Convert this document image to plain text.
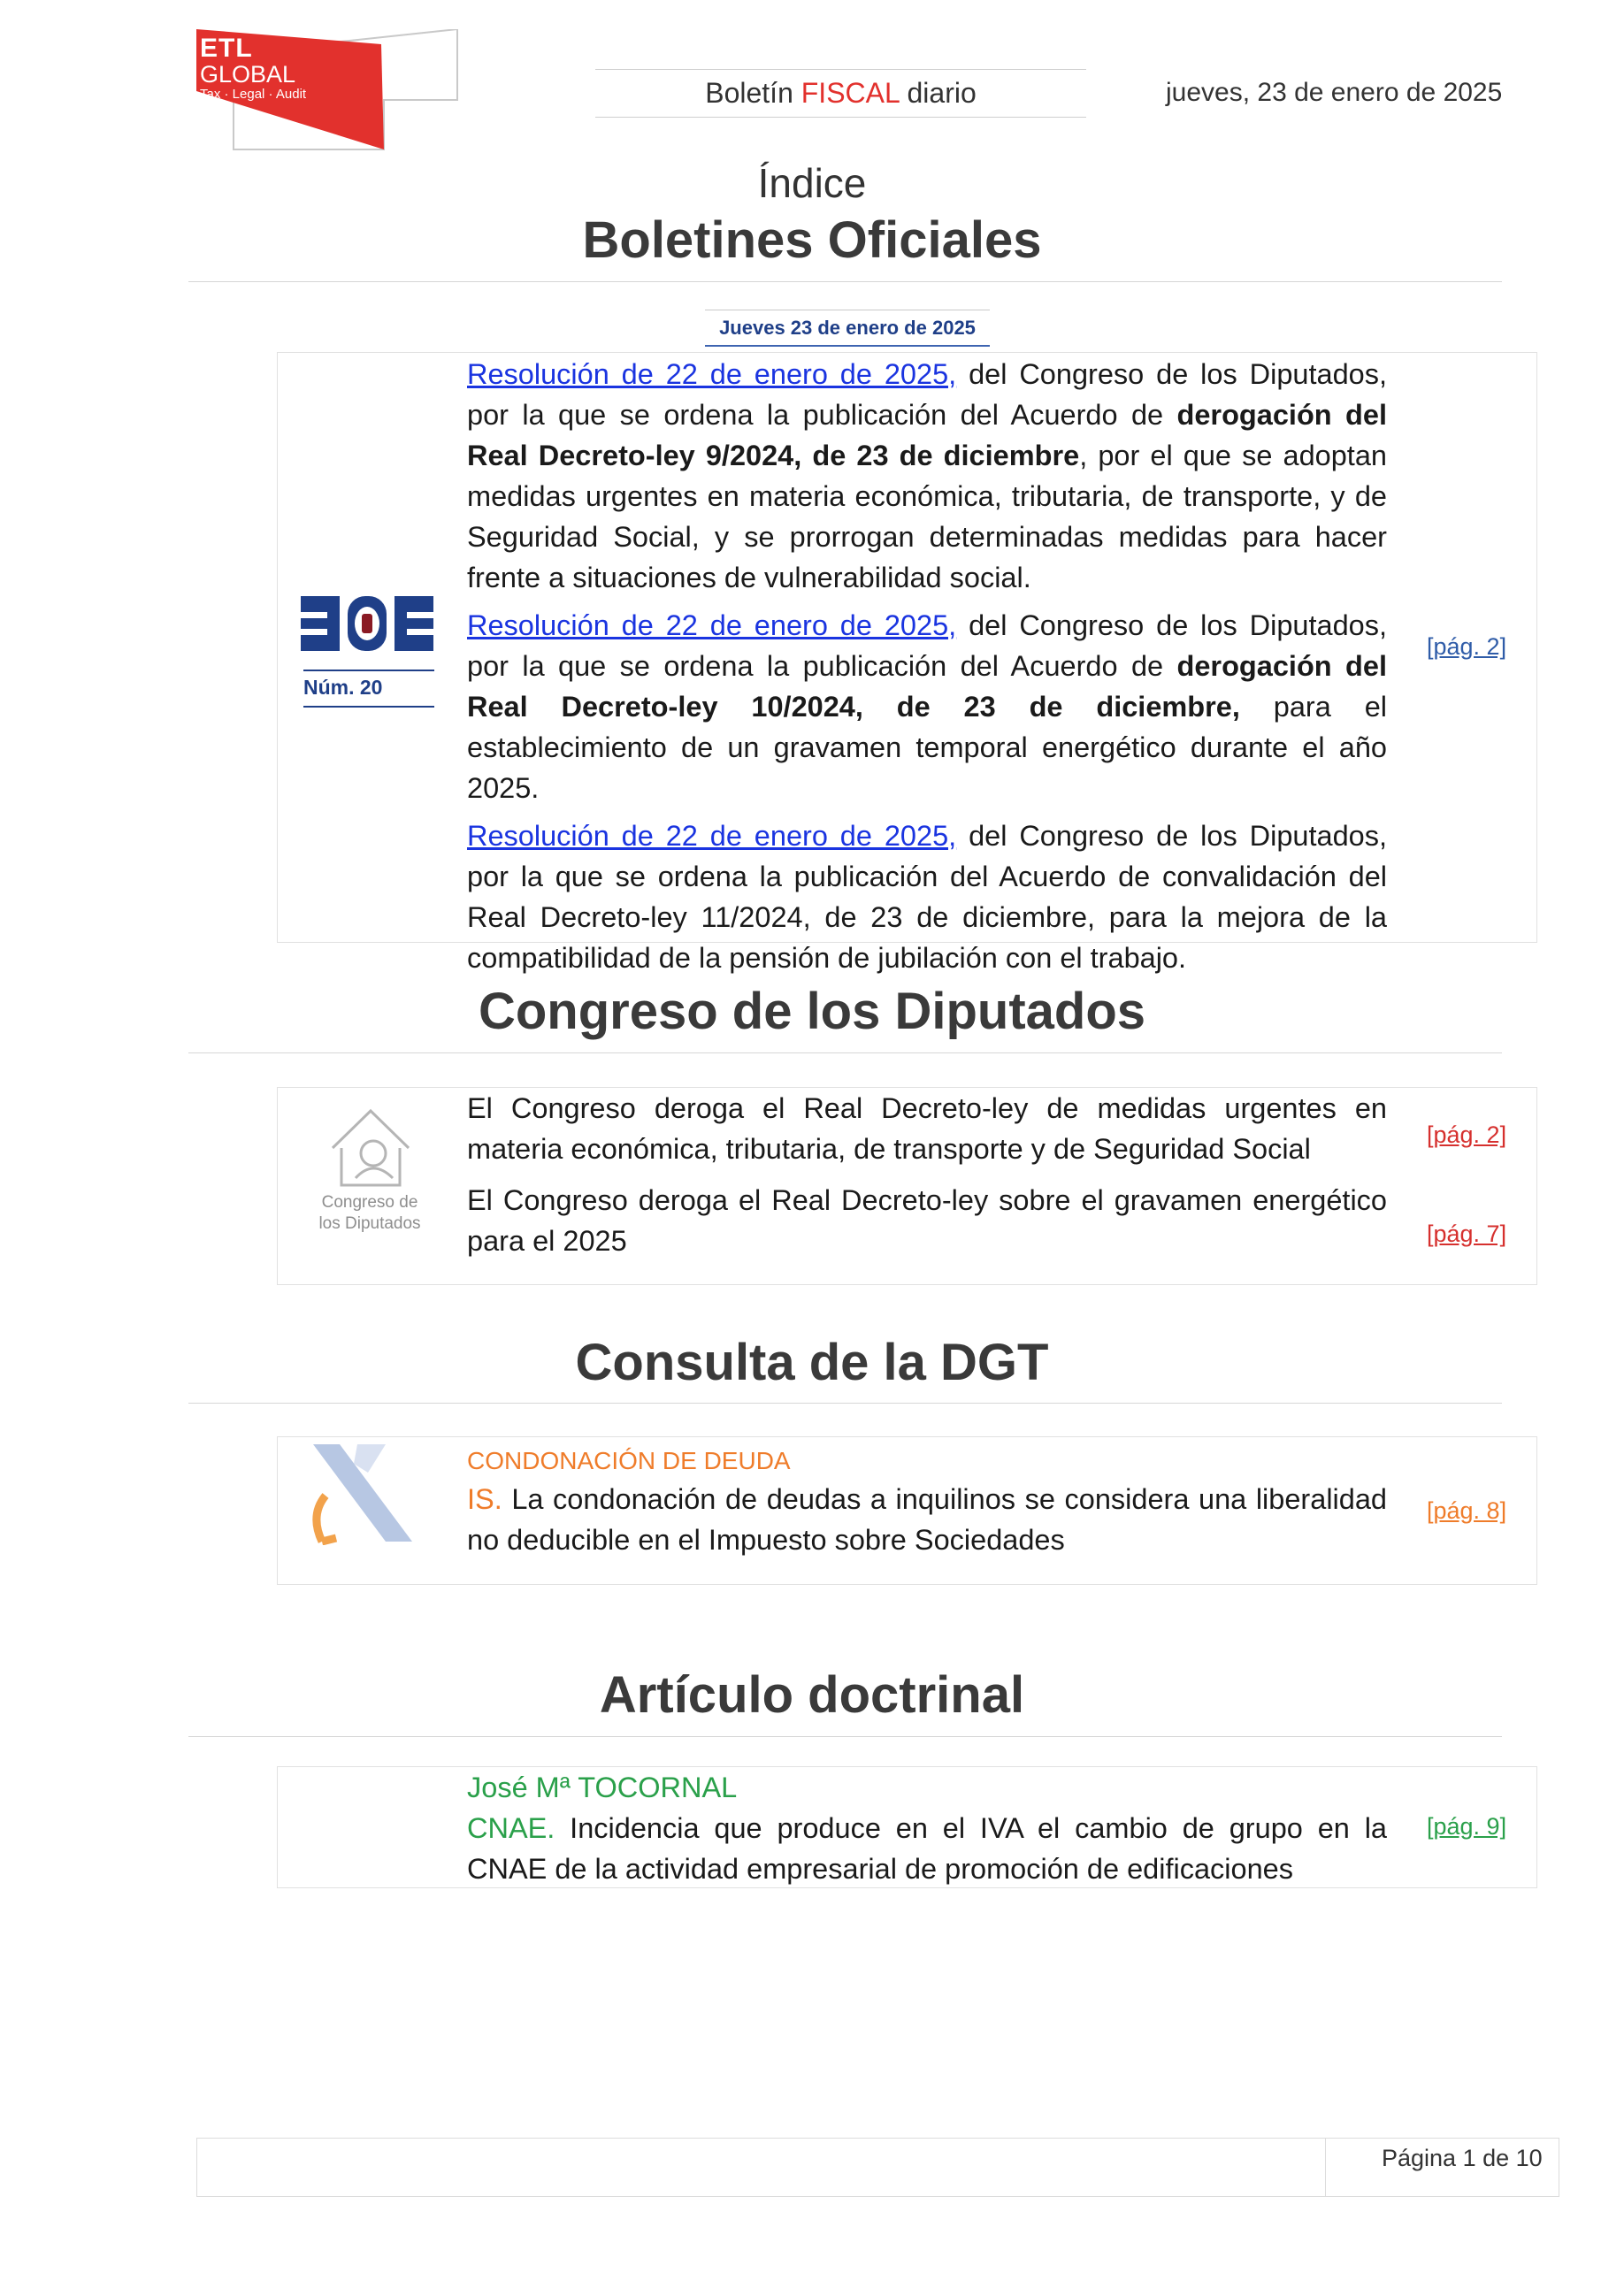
ETL
GLOBAL
Tax · Legal · Audit	Boletín FISCAL diario	jueves, 23 de enero de 2025
Índice
Boletines Oficiales
Jueves 23 de enero de 2025
Núm. 20
Resolución de 22 de enero de 2025, del Congreso de los Diputados, por la que se ordena la publicación del Acuerdo de derogación del Real Decreto-ley 9/2024, de 23 de diciembre, por el que se adoptan medidas urgentes en materia económica, tributaria, de transporte, y de Seguridad Social, y se prorrogan determinadas medidas para hacer frente a situaciones de vulnerabilidad social.
Resolución de 22 de enero de 2025, del Congreso de los Diputados, por la que se ordena la publicación del Acuerdo de derogación del Real Decreto-ley 10/2024, de 23 de diciembre, para el establecimiento de un gravamen temporal energético durante el año 2025.
Resolución de 22 de enero de 2025, del Congreso de los Diputados, por la que se ordena la publicación del Acuerdo de convalidación del Real Decreto-ley 11/2024, de 23 de diciembre, para la mejora de la compatibilidad de la pensión de jubilación con el trabajo.
[pág. 2]
Congreso de los Diputados
Congreso de los Diputados
El Congreso deroga el Real Decreto-ley de medidas urgentes en materia económica, tributaria, de transporte y de Seguridad Social
El Congreso deroga el Real Decreto-ley sobre el gravamen energético para el 2025
[pág. 2]
[pág. 7]
Consulta de la DGT
CONDONACIÓN DE DEUDA
IS. La condonación de deudas a inquilinos se considera una liberalidad no deducible en el Impuesto sobre Sociedades
[pág. 8]
Artículo doctrinal
José Mª TOCORNAL
CNAE. Incidencia que produce en el IVA el cambio de grupo en la CNAE de la actividad empresarial de promoción de edificaciones
[pág. 9]
Página 1 de 10
